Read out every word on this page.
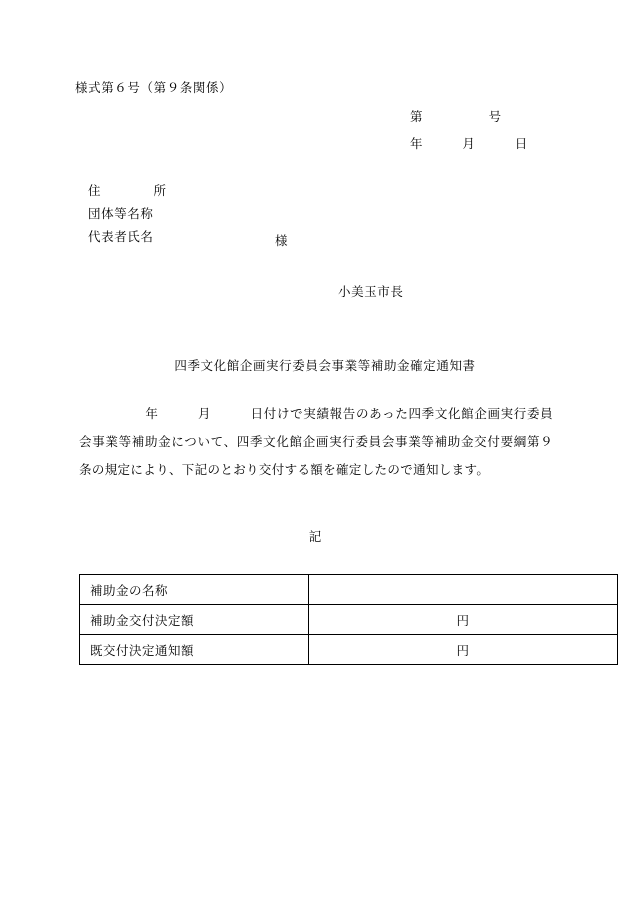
様式第６号（第９条関係）
第　　　　　号
年　　　月　　　日
住　　　　所
団体等名称
代表者氏名	様
小美玉市長
四季文化館企画実行委員会事業等補助金確定通知書
年　　　月　　　日付けで実績報告のあった四季文化館企画実行委員会事業等補助金について、四季文化館企画実行委員会事業等補助金交付要綱第９条の規定により、下記のとおり交付する額を確定したので通知します。
記
補助金の名称	
補助金交付決定額	円
既交付決定通知額	円
